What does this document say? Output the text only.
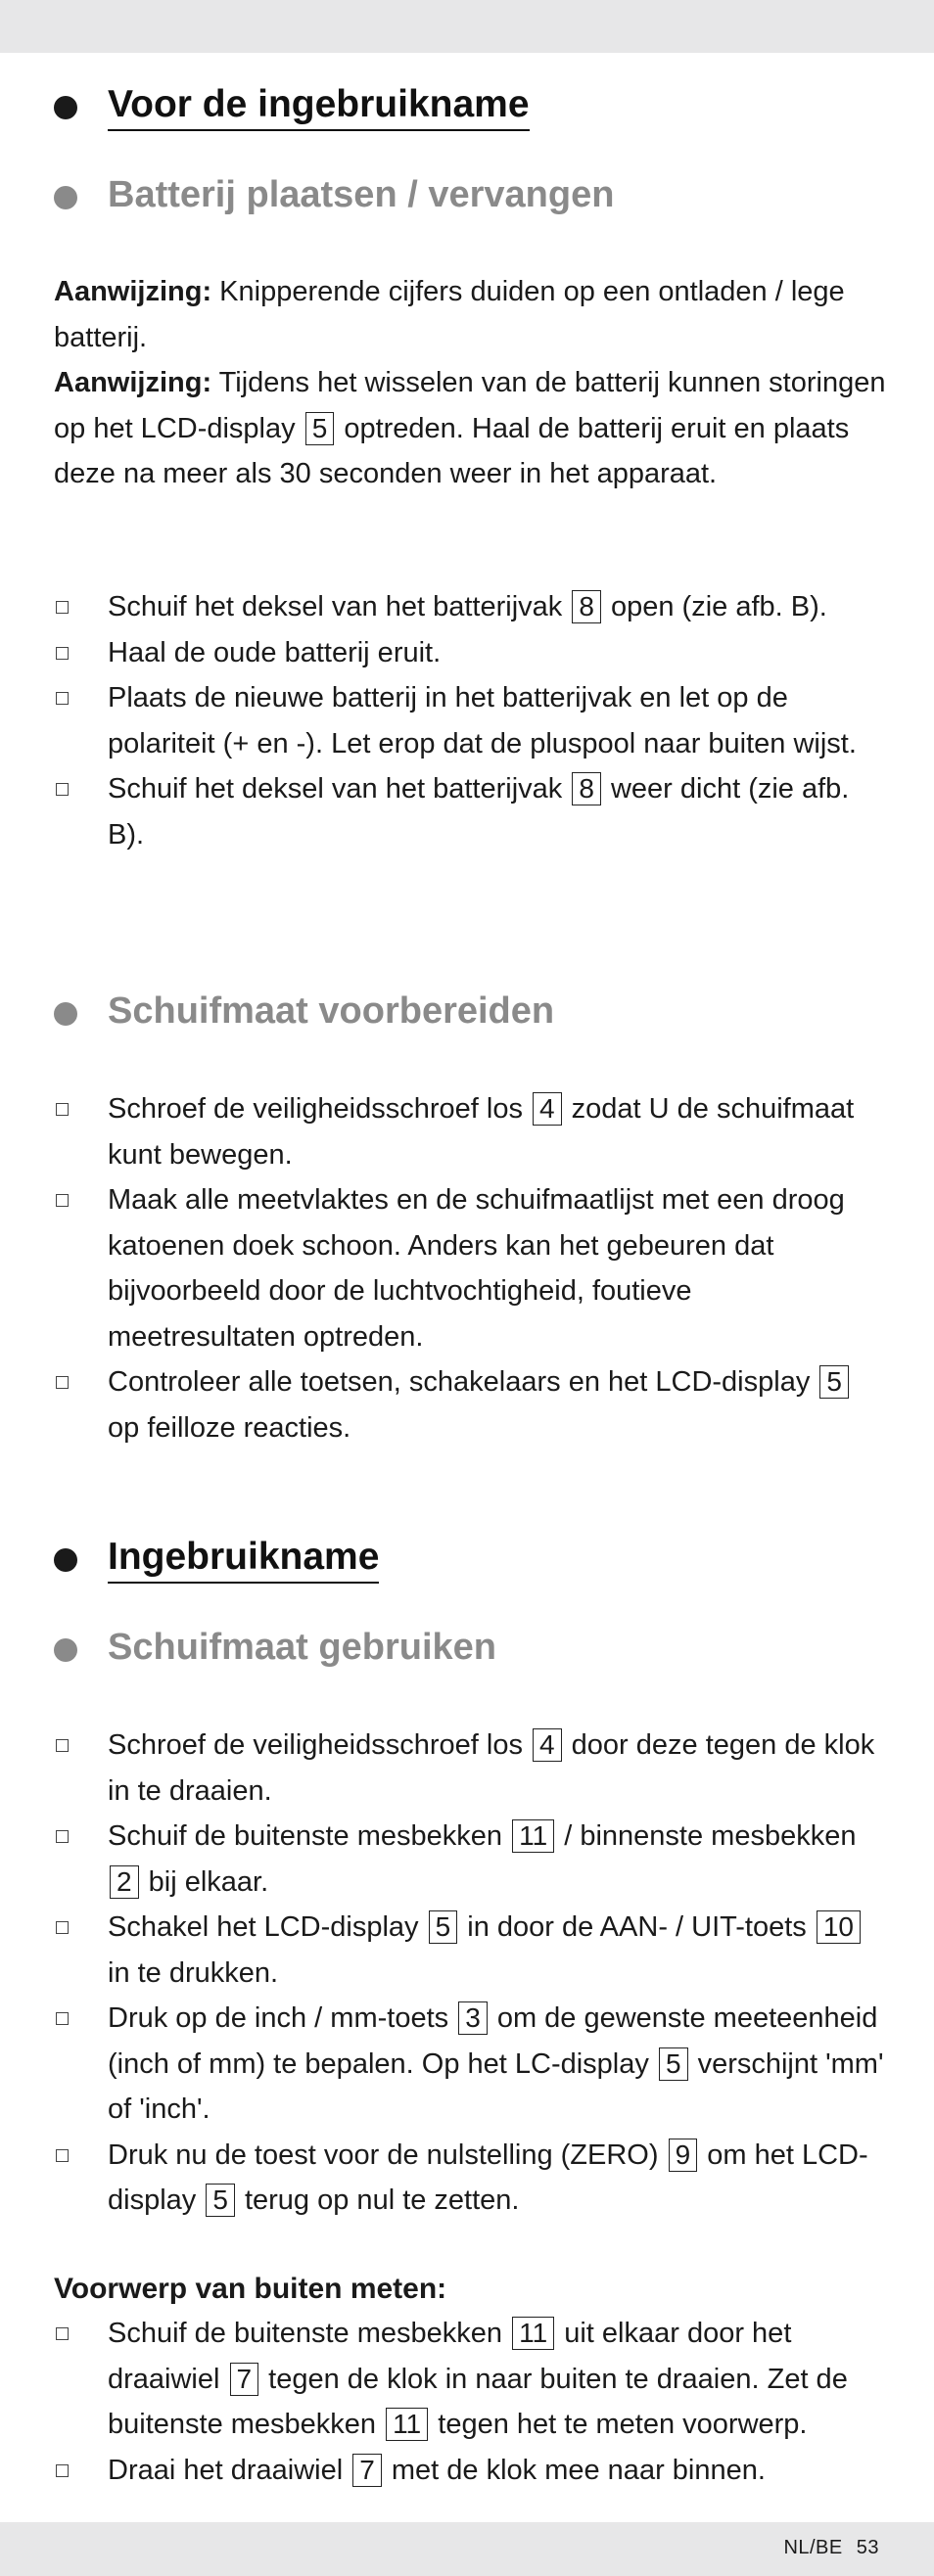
Voor de ingebruikname
Batterij plaatsen / vervangen
Aanwijzing: Knipperende cijfers duiden op een ontladen / lege batterij.
Aanwijzing: Tijdens het wisselen van de batterij kunnen storingen op het LCD-display 5 optreden. Haal de batterij eruit en plaats deze na meer als 30 seconden weer in het apparaat.
Schuif het deksel van het batterijvak 8 open (zie afb. B).
Haal de oude batterij eruit.
Plaats de nieuwe batterij in het batterijvak en let op de polariteit (+ en -). Let erop dat de pluspool naar buiten wijst.
Schuif het deksel van het batterijvak 8 weer dicht (zie afb. B).
Schuifmaat voorbereiden
Schroef de veiligheidsschroef los 4 zodat U de schuifmaat kunt bewegen.
Maak alle meetvlaktes en de schuifmaatlijst met een droog katoenen doek schoon. Anders kan het gebeuren dat bijvoorbeeld door de luchtvochtigheid, foutieve meetresultaten optreden.
Controleer alle toetsen, schakelaars en het LCD-display 5 op feilloze reacties.
Ingebruikname
Schuifmaat gebruiken
Schroef de veiligheidsschroef los 4 door deze tegen de klok in te draaien.
Schuif de buitenste mesbekken 11 / binnenste mesbekken 2 bij elkaar.
Schakel het LCD-display 5 in door de AAN- / UIT-toets 10 in te drukken.
Druk op de inch / mm-toets 3 om de gewenste meeteenheid (inch of mm) te bepalen. Op het LC-display 5 verschijnt 'mm' of 'inch'.
Druk nu de toest voor de nulstelling (ZERO) 9 om het LCD-display 5 terug op nul te zetten.
Voorwerp van buiten meten:
Schuif de buitenste mesbekken 11 uit elkaar door het draaiwiel 7 tegen de klok in naar buiten te draaien. Zet de buitenste mesbekken 11 tegen het te meten voorwerp.
Draai het draaiwiel 7 met de klok mee naar binnen.
NL/BE 53
